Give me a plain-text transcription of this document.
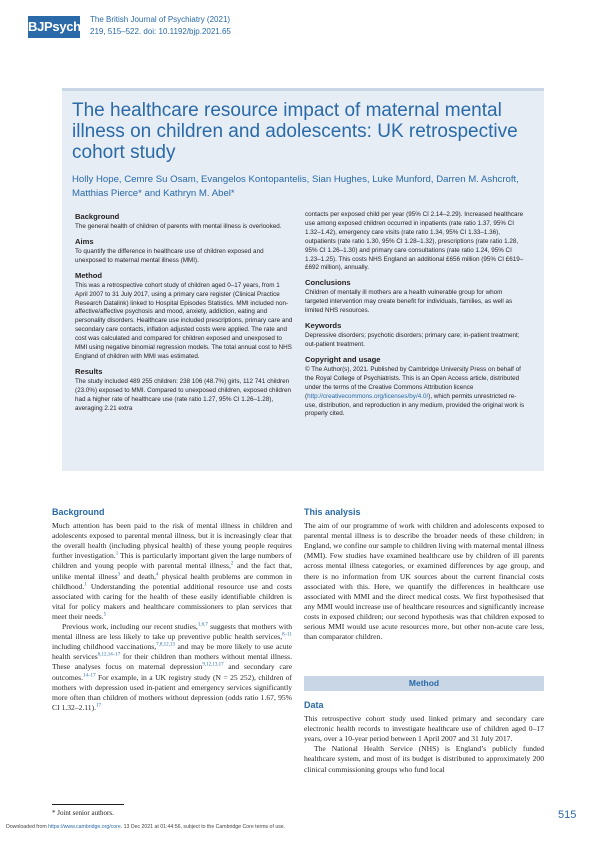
BJPsych The British Journal of Psychiatry (2021)
219, 515–522. doi: 10.1192/bjp.2021.65
The healthcare resource impact of maternal mental illness on children and adolescents: UK retrospective cohort study
Holly Hope, Cemre Su Osam, Evangelos Kontopantelis, Sian Hughes, Luke Munford, Darren M. Ashcroft, Matthias Pierce* and Kathryn M. Abel*
Background

The general health of children of parents with mental illness is overlooked.

Aims

To quantify the difference in healthcare use of children exposed and unexposed to maternal mental illness (MMI).

Method

This was a retrospective cohort study of children aged 0–17 years, from 1 April 2007 to 31 July 2017, using a primary care register (Clinical Practice Research Datalink) linked to Hospital Episodes Statistics. MMI included non-affective/affective psychosis and mood, anxiety, addiction, eating and personality disorders. Healthcare use included prescriptions, primary care and secondary care contacts, inflation adjusted costs were applied. The rate and cost was calculated and compared for children exposed and unexposed to MMI using negative binomial regression models. The total annual cost to NHS England of children with MMI was estimated.

Results

The study included 489 255 children: 238 106 (48.7%) girls, 112 741 children (23.0%) exposed to MMI. Compared to unexposed children, exposed children had a higher rate of healthcare use (rate ratio 1.27, 95% CI 1.26–1.28), averaging 2.21 extra

contacts per exposed child per year (95% CI 2.14–2.29). Increased healthcare use among exposed children occurred in inpatients (rate ratio 1.37, 95% CI 1.32–1.42), emergency care visits (rate ratio 1.34, 95% CI 1.33–1.36), outpatients (rate ratio 1.30, 95% CI 1.28–1.32), prescriptions (rate ratio 1.28, 95% CI 1.26–1.30) and primary care consultations (rate ratio 1.24, 95% CI 1.23–1.25). This costs NHS England an additional £656 million (95% CI £619–£692 million), annually.

Conclusions

Children of mentally ill mothers are a health vulnerable group for whom targeted intervention may create benefit for individuals, families, as well as limited NHS resources.

Keywords

Depressive disorders; psychotic disorders; primary care; in-patient treatment; out-patient treatment.

Copyright and usage

© The Author(s), 2021. Published by Cambridge University Press on behalf of the Royal College of Psychiatrists. This is an Open Access article, distributed under the terms of the Creative Commons Attribution licence (http://creativecommons.org/licenses/by/4.0/), which permits unrestricted re-use, distribution, and reproduction in any medium, provided the original work is properly cited.

Background

Much attention has been paid to the risk of mental illness in children and adolescents exposed to parental mental illness, but it is increasingly clear that the overall health (including physical health) of these young people requires further investigation.$^1$ This is particularly important given the large numbers of children and young people with parental mental illness,$^2$ and the fact that, unlike mental illness$^3$ and death,$^4$ physical health problems are common in childhood.$^1$ Understanding the potential additional resource use and costs associated with caring for the health of these easily identifiable children is vital for policy makers and healthcare commissioners to plan services that meet their needs.$^5$

Previous work, including our recent studies,$^{1,6,7}$ suggests that mothers with mental illness are less likely to take up preventive public health services,$^{8-11}$ including childhood vaccinations,$^{7,8,12,13}$ and may be more likely to use acute health services$^{6,12,14-17}$ for their children than mothers without mental illness. These analyses focus on maternal depression$^{9,12,13,17}$ and secondary care outcomes.$^{14-17}$ For example, in a UK registry study (N = 25 252), children of mothers with depression used in-patient and emergency services significantly more often than children of mothers without depression (odds ratio 1.67, 95% CI 1.32–2.11).$^{17}$

This analysis

The aim of our programme of work with children and adolescents exposed to parental mental illness is to describe the broader needs of these children; in England, we confine our sample to children living with maternal mental illness (MMI). Few studies have examined healthcare use by children of ill parents across mental illness categories, or examined differences by age group, and there is no information from UK sources about the current financial costs associated with this. Here, we quantify the differences in healthcare use associated with MMI and the direct medical costs. We first hypothesised that any MMI would increase use of healthcare resources and significantly increase costs in exposed children; our second hypothesis was that children exposed to serious MMI would use acute resources more, but other non-acute care less, than comparator children.

Method
Data

This retrospective cohort study used linked primary and secondary care electronic health records to investigate healthcare use of children aged 0–17 years, over a 10-year period between 1 April 2007 and 31 July 2017.

The National Health Service (NHS) is England’s publicly funded healthcare system, and most of its budget is distributed to approximately 200 clinical commissioning groups who fund local

* Joint senior authors.	515
Downloaded from https://www.cambridge.org/core. 13 Dec 2021 at 01:44:56, subject to the Cambridge Core terms of use.
